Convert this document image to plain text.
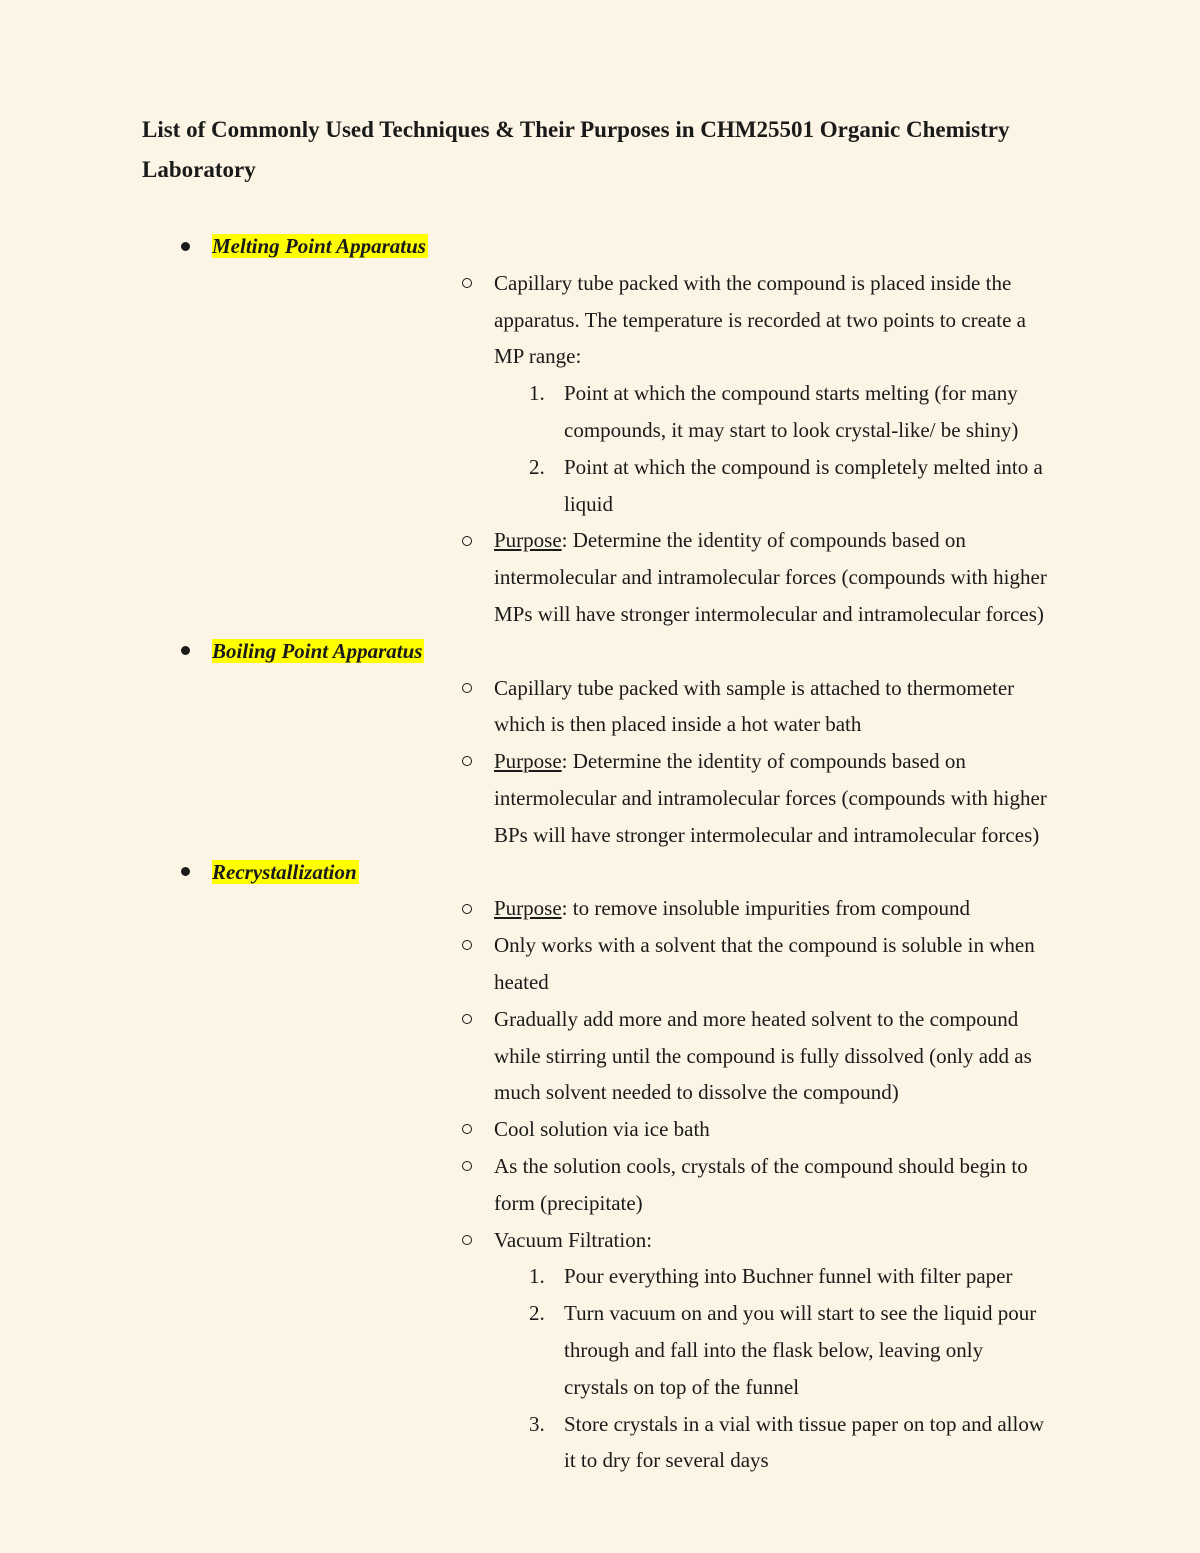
List of Commonly Used Techniques & Their Purposes in CHM25501 Organic Chemistry Laboratory
Melting Point Apparatus
Capillary tube packed with the compound is placed inside the apparatus. The temperature is recorded at two points to create a MP range:
1. Point at which the compound starts melting (for many compounds, it may start to look crystal-like/ be shiny)
2. Point at which the compound is completely melted into a liquid
Purpose: Determine the identity of compounds based on intermolecular and intramolecular forces (compounds with higher MPs will have stronger intermolecular and intramolecular forces)
Boiling Point Apparatus
Capillary tube packed with sample is attached to thermometer which is then placed inside a hot water bath
Purpose: Determine the identity of compounds based on intermolecular and intramolecular forces (compounds with higher BPs will have stronger intermolecular and intramolecular forces)
Recrystallization
Purpose: to remove insoluble impurities from compound
Only works with a solvent that the compound is soluble in when heated
Gradually add more and more heated solvent to the compound while stirring until the compound is fully dissolved (only add as much solvent needed to dissolve the compound)
Cool solution via ice bath
As the solution cools, crystals of the compound should begin to form (precipitate)
Vacuum Filtration:
1. Pour everything into Buchner funnel with filter paper
2. Turn vacuum on and you will start to see the liquid pour through and fall into the flask below, leaving only crystals on top of the funnel
3. Store crystals in a vial with tissue paper on top and allow it to dry for several days
